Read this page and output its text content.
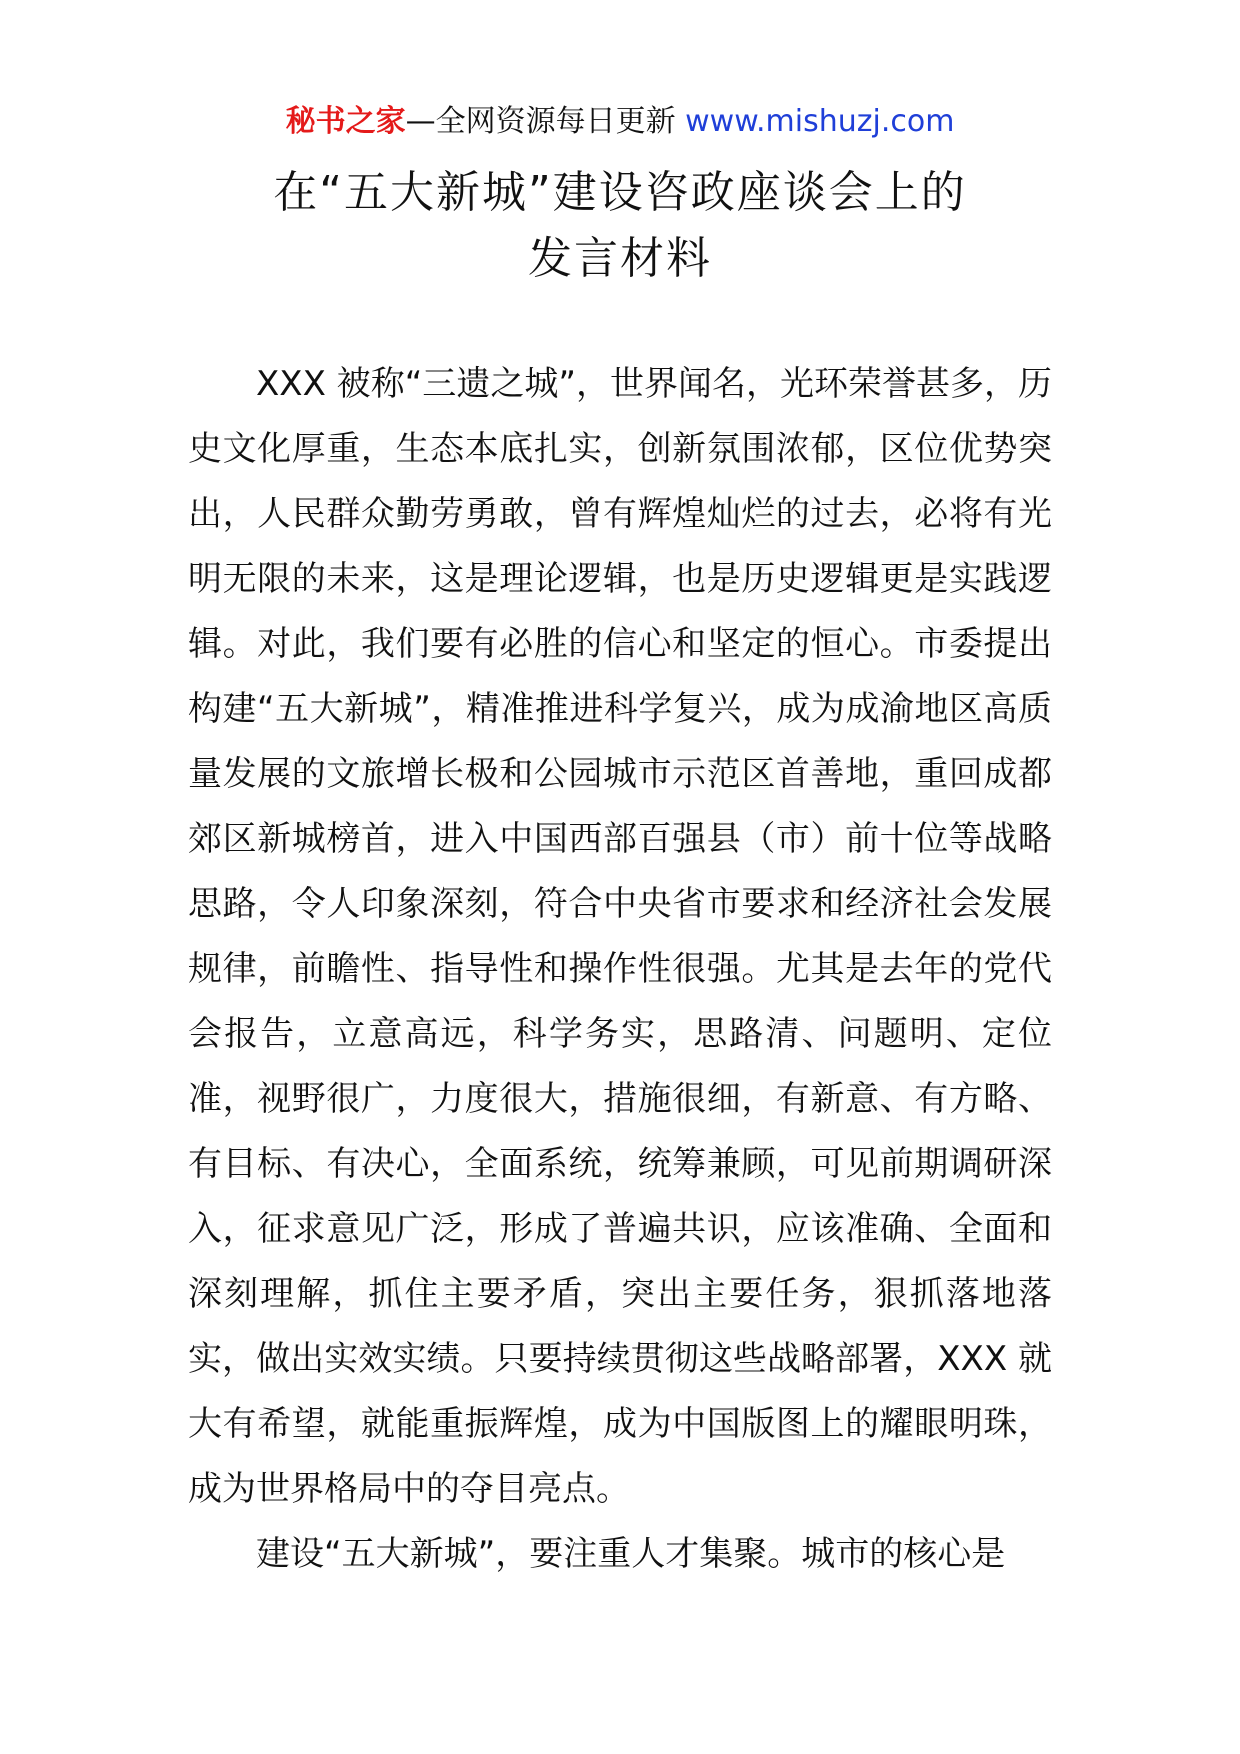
秘书之家—全网资源每日更新 www.mishuzj.com
在“五大新城”建设咨政座谈会上的
发言材料

XXX 被称“三遗之城”，世界闻名，光环荣誉甚多，历史文化厚重，生态本底扎实，创新氛围浓郁，区位优势突出，人民群众勤劳勇敢，曾有辉煌灿烂的过去，必将有光明无限的未来，这是理论逻辑，也是历史逻辑更是实践逻辑。对此，我们要有必胜的信心和坚定的恒心。市委提出构建“五大新城”，精准推进科学复兴，成为成渝地区高质量发展的文旅增长极和公园城市示范区首善地，重回成都郊区新城榜首，进入中国西部百强县（市）前十位等战略思路，令人印象深刻，符合中央省市要求和经济社会发展规律，前瞻性、指导性和操作性很强。尤其是去年的党代会报告，立意高远，科学务实，思路清、问题明、定位准，视野很广，力度很大，措施很细，有新意、有方略、有目标、有决心，全面系统，统筹兼顾，可见前期调研深入，征求意见广泛，形成了普遍共识，应该准确、全面和深刻理解，抓住主要矛盾，突出主要任务，狠抓落地落实，做出实效实绩。只要持续贯彻这些战略部署，XXX 就大有希望，就能重振辉煌，成为中国版图上的耀眼明珠，成为世界格局中的夺目亮点。

建设“五大新城”，要注重人才集聚。城市的核心是
